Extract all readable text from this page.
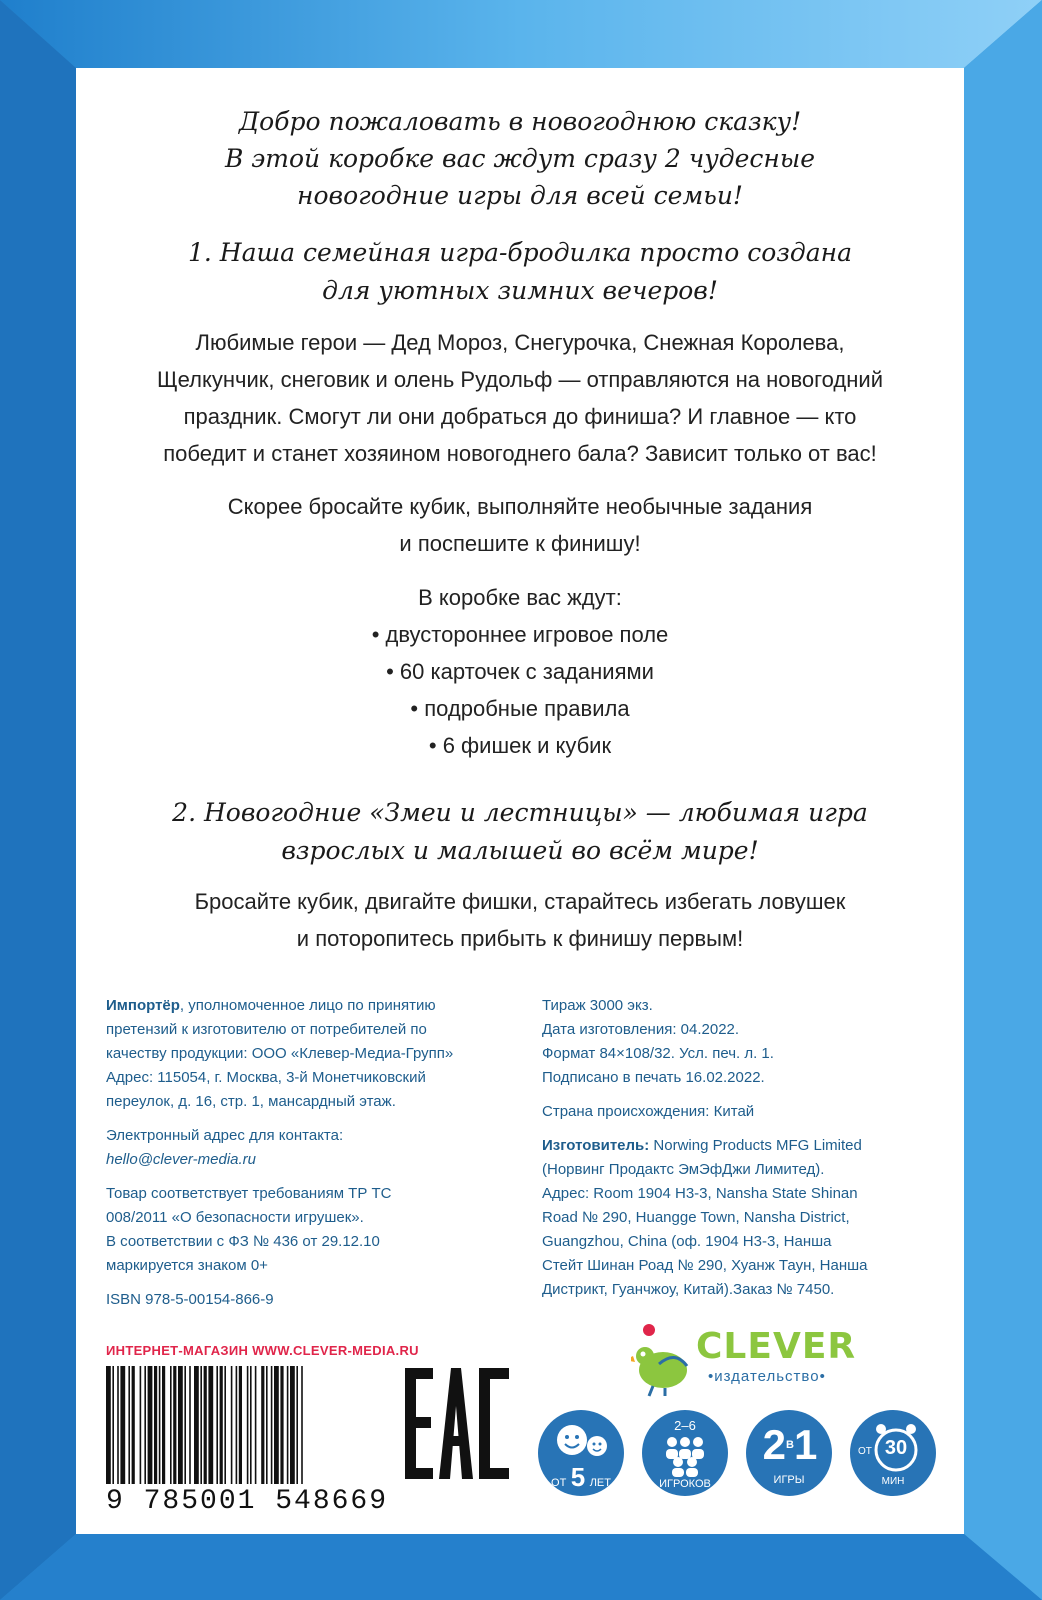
Добро пожаловать в новогоднюю сказку!
В этой коробке вас ждут сразу 2 чудесные
новогодние игры для всей семьи!
1. Наша семейная игра-бродилка просто создана
для уютных зимних вечеров!
Любимые герои — Дед Мороз, Снегурочка, Снежная Королева,
Щелкунчик, снеговик и олень Рудольф — отправляются на новогодний
праздник. Смогут ли они добраться до финиша? И главное — кто
победит и станет хозяином новогоднего бала? Зависит только от вас!
Скорее бросайте кубик, выполняйте необычные задания
и поспешите к финишу!
В коробке вас ждут:
• двустороннее игровое поле
• 60 карточек с заданиями
• подробные правила
• 6 фишек и кубик
2. Новогодние «Змеи и лестницы» — любимая игра
взрослых и малышей во всём мире!
Бросайте кубик, двигайте фишки, старайтесь избегать ловушек
и поторопитесь прибыть к финишу первым!

Импортёр, уполномоченное лицо по принятию
претензий к изготовителю от потребителей по
качеству продукции: ООО «Клевер-Медиа-Групп»
Адрес: 115054, г. Москва, 3-й Монетчиковский
переулок, д. 16, стр. 1, мансардный этаж.

Электронный адрес для контакта:
hello@clever-media.ru

Товар соответствует требованиям ТР ТС
008/2011 «О безопасности игрушек».
В соответствии с ФЗ № 436 от 29.12.10
маркируется знаком 0+

ISBN 978-5-00154-866-9

Тираж 3000 экз.
Дата изготовления: 04.2022.
Формат 84×108/32. Усл. печ. л. 1.
Подписано в печать 16.02.2022.

Страна происхождения: Китай

Изготовитель: Norwing Products MFG Limited
(Норвинг Продактс ЭмЭфДжи Лимитед).
Адрес: Room 1904 H3-3, Nansha State Shinan
Road № 290, Huangge Town, Nansha District,
Guangzhou, China (оф. 1904 Н3-3, Нанша
Стейт Шинан Роад № 290, Хуанж Таун, Нанша
Дистрикт, Гуанчжоу, Китай).Заказ № 7450.

ИНТЕРНЕТ-МАГАЗИН WWW.CLEVER-MEDIA.RU
9 785001 548669
CLEVER
•издательство•
ОТ 5 ЛЕТ
2–6
ИГРОКОВ
$2^В1$
ИГРЫ
ОТ 30
МИН
